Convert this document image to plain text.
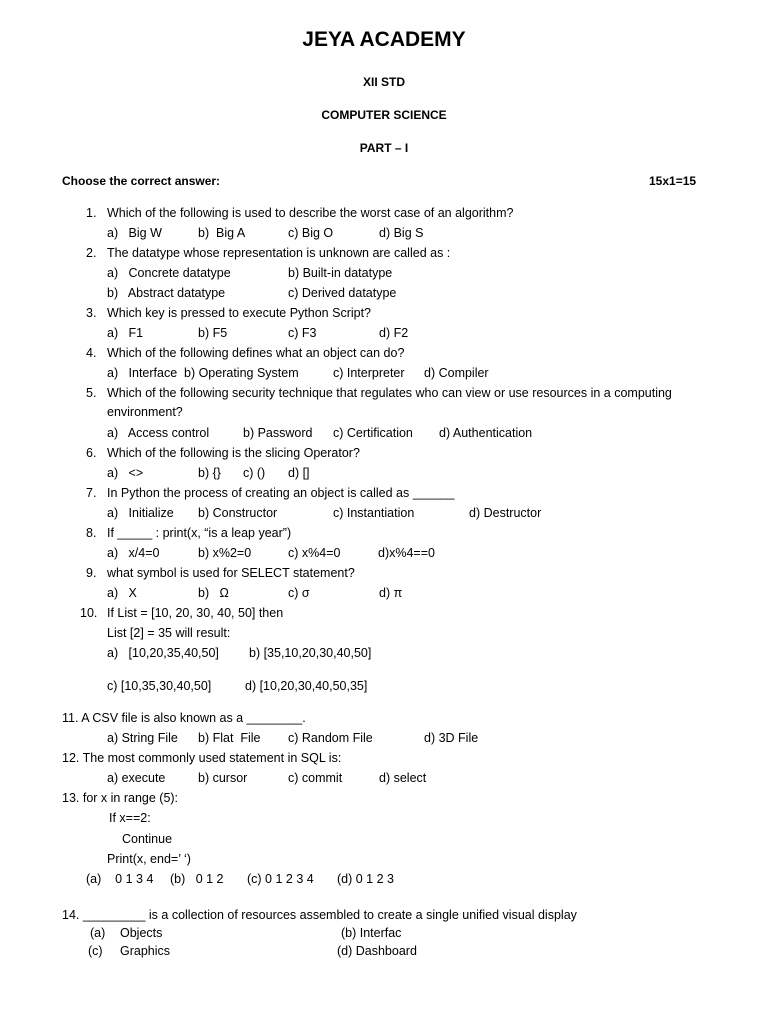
JEYA ACADEMY
XII STD
COMPUTER SCIENCE
PART – I
Choose the correct answer:	15x1=15
1. Which of the following is used to describe the worst case of an algorithm?
a)   Big W	b)  Big A	c) Big O	d) Big S
2. The datatype whose representation is unknown are called as :
a)   Concrete datatype	b) Built-in datatype
b)   Abstract datatype	c) Derived datatype
3. Which key is pressed to execute Python Script?
a)   F1	b) F5	c) F3	d) F2
4. Which of the following defines what an object can do?
a)   Interface b) Operating System	c) Interpreter d) Compiler
5. Which of the following security technique that regulates who can view or use resources in a computing
environment?
a)   Access control	b) Password c) Certification d) Authentication
6. Which of the following is the slicing Operator?
a)   <>	b) {} c) () d) []
7. In Python the process of creating an object is called as ______
a)   Initialize b) Constructor	c) Instantiation	d) Destructor
8. If _____ : print(x, “is a leap year”)
a)   x/4=0	b) x%2=0	c) x%4=0	d)x%4==0
9. what symbol is used for SELECT statement?
a)   X	b)   Ω	c) σ	d) π
10. If List = [10, 20, 30, 40, 50] then
List [2] = 35 will result:
a)   [10,20,35,40,50] b) [35,10,20,30,40,50]
c) [10,35,30,40,50]	d) [10,20,30,40,50,35]
11. A CSV file is also known as a ________.
a) String File b) Flat  File c) Random File	d) 3D File
12. The most commonly used statement in SQL is:
a) execute	b) cursor	c) commit	d) select
13. for x in range (5):
If x==2:
Continue
Print(x, end=’ ‘)
(a)    0 1 3 4 (b)   0 1 2 (c) 0 1 2 3 4 (d) 0 1 2 3
14. _________ is a collection of resources assembled to create a single unified visual display
(a) Objects	(b) Interfac
(c) Graphics	(d) Dashboard
